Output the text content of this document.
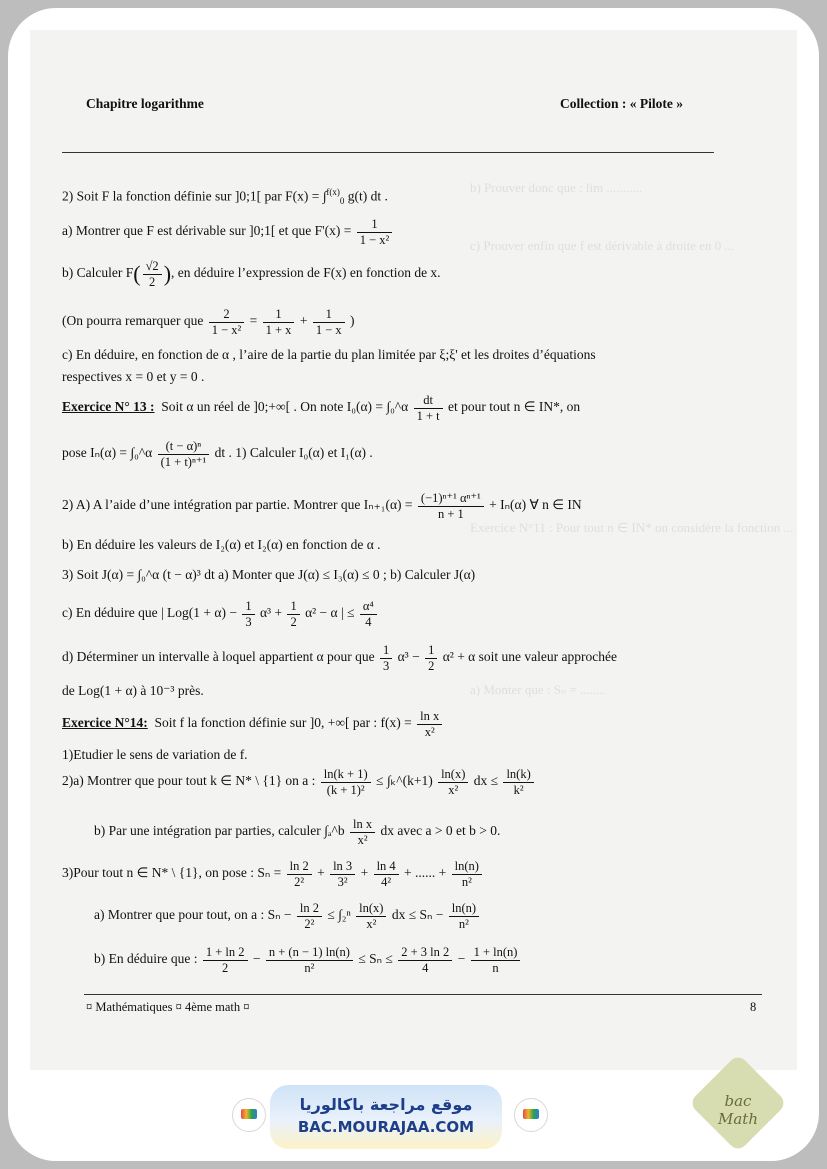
b) Prouver donc que : lim ...........
c) Prouver enfin que f est dérivable à droite en 0 ...
Exercice N°11 : Pour tout n ∈ IN* on considère la fonction ...
a) Monter que : Sₙ = ........
Chapitre logarithme	Collection : « Pilote »
2) Soit F la fonction définie sur ]0;1[ par F(x) = ∫$^{f(x)}_0$ g(t) dt .
a) Montrer que F est dérivable sur ]0;1[ et que $F'(x) = \frac{1}{\text{1 − x²}}$
b) Calculer $F( \frac{√2}{2}$ ), en déduire l’expression de F(x) en fonction de x.
(On pourra remarquer que $\frac{2}{\text{1 − x²}} = \frac{1}{1 + x} + \frac{1}{1 - x}$ )
c) En déduire, en fonction de α , l’aire de la partie du plan limitée par ξ;ξ' et les droites d’équations
respectives x = 0 et y = 0 .
Exercice N° 13 : Soit α un réel de ]0;+∞[ . On note I₀(α) = ∫₀^α $\frac{dt}{1 + t}$ et pour tout n ∈ IN*, on
pose Iₙ(α) = ∫₀^α $\frac{\text{(t − α)ⁿ}}{\text{(1 + t)ⁿ⁺¹}}$ dt . 1) Calculer I₀(α) et I₁(α) .
2) A) A l’aide d’une intégration par partie. Montrer que $I_{n+1}(\alpha) = \frac{\text{(−1)ⁿ⁺¹ αⁿ⁺¹}}{n + 1} + I_n(\alpha)$ ∀ n ∈ IN
b) En déduire les valeurs de I₂(α) et I₂(α) en fonction de α .
3) Soit J(α) = ∫₀^α (t − α)³ dt a) Monter que J(α) ≤ I₃(α) ≤ 0 ; b) Calculer J(α)
c) En déduire que | $Log(1 + \alpha) - \frac{1}{3} \alpha^3 + \frac{1}{2} \alpha^2 - \alpha$ | ≤ $\frac{\text{α⁴}}{4}$
d) Déterminer un intervalle à loquel appartient α pour que $\frac{1}{3} \alpha^3 - \frac{1}{2} \alpha^2 + \alpha$ soit une valeur approchée
de Log(1 + α) à 10⁻³ près.
Exercice N°14: Soit f la fonction définie sur ]0, +∞[ par : $f(x) = \frac{\text{ln x}}{\text{x²}}$
1)Etudier le sens de variation de f.
2)a) Montrer que pour tout k ∈ N* \ {1} on a : $\frac{\ln(k + 1)}{\text{(k + 1)²}}$ ≤ ∫ₖ^(k+1) $\frac{\ln(x)}{\text{x²}}$ dx ≤ $\frac{\ln(k)}{\text{k²}}$
b) Par une intégration par parties, calculer ∫ₐ^b $\frac{\text{ln x}}{\text{x²}}$ dx avec a > 0 et b > 0.
3)Pour tout n ∈ N* \ {1}, on pose : $S_n = \frac{\ln 2}{\text{2²}} + \frac{\ln 3}{\text{3²}} + \frac{\ln 4}{\text{4²}}$ + ...... + $\frac{\ln(n)}{\text{n²}}$
a) Montrer que pour tout, on a : $S_n - \frac{\ln 2}{\text{2²}} \le \int_2^n \frac{\ln(x)}{\text{x²}}$ dx ≤ $S_n - \frac{\ln(n)}{\text{n²}}$
b) En déduire que : $\frac{1 + \ln 2}{2} - \frac{n + (n - 1) \ln(n)}{\text{n²}} \le S_n \le \frac{2 + 3 \ln 2}{4} - \frac{1 + \ln(n)}{n}$
¤ Mathématiques ¤ 4ème math ¤	8
موقع مراجعة باكالوريا
BAC.MOURAJAA.COM
bac Math
